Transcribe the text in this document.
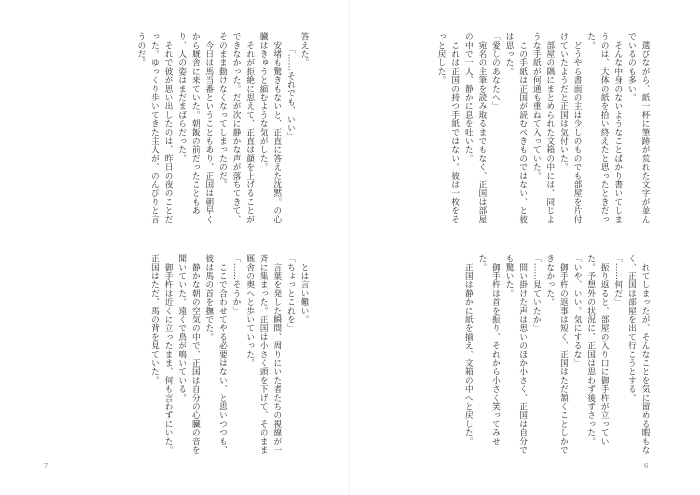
　選びながら、紙一杯に筆跡が荒れた文字が並んでいるのも多い。

　そんな中身のないようなことばかり書いてしまうのは、大体の紙を拾い終えたと思ったときだった。

　どうやら書面の主は少しのものでも部屋を片付けていたようだと正国は気付いた。

　部屋の隅にまとめられた文箱の中には、同じような手紙が何通も重ねて入っていた。

　この手紙は正国が読むべきものではない、と彼は思った。

「愛しのあなたへ」

　宛名の主筆を読み取るまでもなく、正国は部屋の中で一人、静かに息を吐いた。

　これは正国の持つ手紙ではない。彼は一枚をそっと戻した。

　れてしまったが、そんなことを気に留める暇もなく、正国は部屋を出て行こうとする。

「……何だ」

　振り返ると、部屋の入り口に御手杵が立っていた。予想外の状況に、正国は思わず後ずさった。

「いや、いい。気にするな」

　御手杵の返事は短く、正国はただ頷くことしかできなかった。

「……見ていたか」

　問い掛けた声は思いのほか小さく、正国は自分でも驚いた。

　御手杵は首を振り、それから小さく笑ってみせた。

　正国は静かに紙を揃え、文箱の中へと戻した。

答えた。

　　「……それでも、いい」

　安堵も驚きもないと、正直に答えた沈黙。の心臓はきゅうと縮むような気がした。

　それが拒絶に思えて、正直は顔を上げることができなかった。だが次に静かな声が落ちてきて、そのまま動けなくなってしまったのだ。

　今日は馬当番ということもあり、正国は朝早くから厩舎に来ていた。朝飯の前だったこともあり、人の姿はまだまばらだった。

　それで彼が思い出したのは、昨日の夜のことだった。ゆっくり歩いてきた主人が、のんびりと言うのだ。

　とは言い難い。

「ちょっとこれを」

　言葉を発した瞬間、周りにいた者たちの視線が一斉に集まった。正国は小さく頭を下げて、そのまま厩舎の奥へと歩いていった。

「……そうか」

　ここで合わせてやる必要はない、と思いつつも、彼は馬の首を撫でた。

　静かな朝の空気の中で、正国は自分の心臓の音を聞いていた。遠くで鳥が鳴いている。

　御手杵は近くに立ったまま、何も言わずにいた。正国はただ、馬の背を見ていた。

7	6
